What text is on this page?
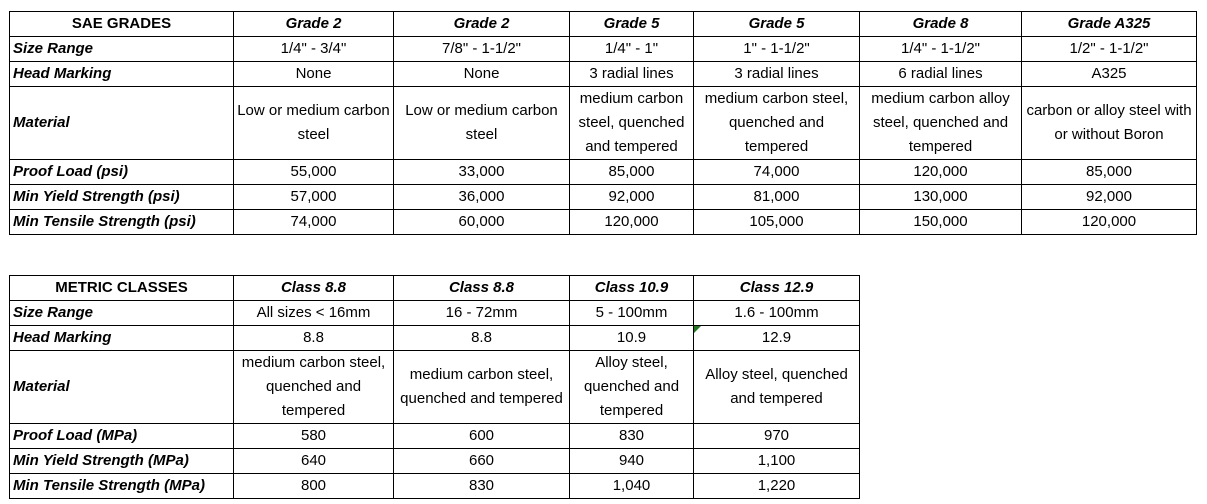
SAE GRADES	Grade 2	Grade 2	Grade 5	Grade 5	Grade 8	Grade A325
Size Range	1/4" - 3/4"	7/8" - 1-1/2"	1/4" - 1"	1" - 1-1/2"	1/4" - 1-1/2"	1/2" - 1-1/2"
Head Marking	None	None	3 radial lines	3 radial lines	6 radial lines	A325
Material	Low or medium carbon steel	Low or medium carbon steel	medium carbon steel, quenched and tempered	medium carbon steel, quenched and tempered	medium carbon alloy steel, quenched and tempered	carbon or alloy steel with or without Boron
Proof Load (psi)	55,000	33,000	85,000	74,000	120,000	85,000
Min Yield Strength (psi)	57,000	36,000	92,000	81,000	130,000	92,000
Min Tensile Strength (psi)	74,000	60,000	120,000	105,000	150,000	120,000
METRIC CLASSES	Class 8.8	Class 8.8	Class 10.9	Class 12.9
Size Range	All sizes < 16mm	16 - 72mm	5 - 100mm	1.6 - 100mm
Head Marking	8.8	8.8	10.9	12.9
Material	medium carbon steel, quenched and tempered	medium carbon steel, quenched and tempered	Alloy steel, quenched and tempered	Alloy steel, quenched and tempered
Proof Load (MPa)	580	600	830	970
Min Yield Strength (MPa)	640	660	940	1,100
Min Tensile Strength (MPa)	800	830	1,040	1,220
